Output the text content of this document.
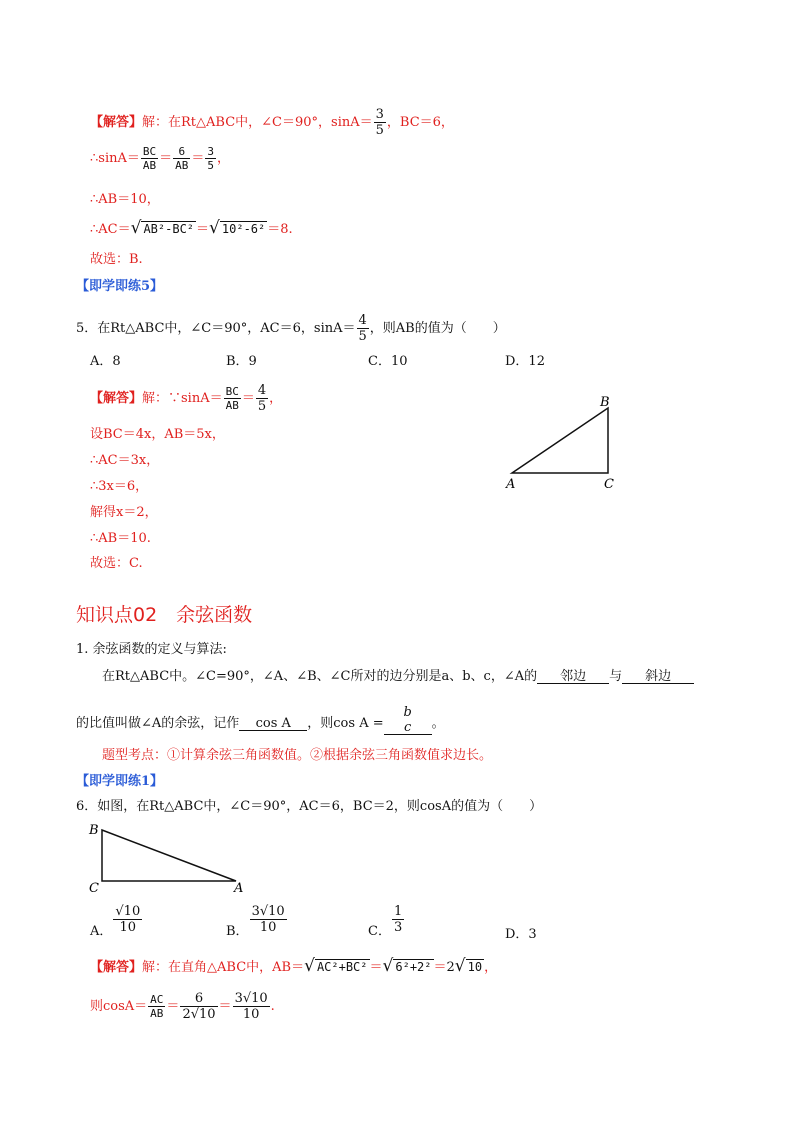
【解答】解：在Rt△ABC中，∠C＝90°，$\sin A= \frac{3}{5}$ ，BC＝6，
∴sinA＝ $\frac{BC}{AB} = \frac{6}{AB} = \frac{3}{5}$ ，
∴AB＝10，
∴AC＝√ AB²-BC² ＝√ 10²-6² ＝8.
故选：B.
【即学即练5】
5．在Rt△ABC中，∠C＝90°，AC＝6，$\sin A= \frac{4}{5}$ ，则AB的值为（　　）
A．8	B．9	C．10	D．12
【解答】解：∵sinA＝ $\frac{BC}{AB} = \frac{4}{5}$ ，
设BC＝4x，AB＝5x，
∴AC＝3x，
∴3x＝6，
解得x＝2，
∴AB＝10.
故选：C.
B
A	C
知识点02　余弦函数
1. 余弦函数的定义与算法:
在Rt△ABC中。∠C=90°，∠A、∠B、∠C所对的边分别是a、b、c，∠A的 邻边 与 斜边
的比值叫做∠A的余弦，记作 cos A ，则cos A =
b
c 。
题型考点：①计算余弦三角函数值。②根据余弦三角函数值求边长。
【即学即练1】
6．如图，在Rt△ABC中，∠C＝90°，AC＝6，BC＝2，则cosA的值为（　　）
B
C	A
A． $\frac{√10}{10}$	B． $\frac{3√10}{10}$	C． $\frac{1}{3}$
D．3
【解答】解：在直角△ABC中，AB＝√ AC²+BC² ＝√ 6²+2² ＝2√ 10 ，
则$\cos A= \frac{AC}{AB} = \frac{6}{2√10} = \frac{3√10}{10}$ .
